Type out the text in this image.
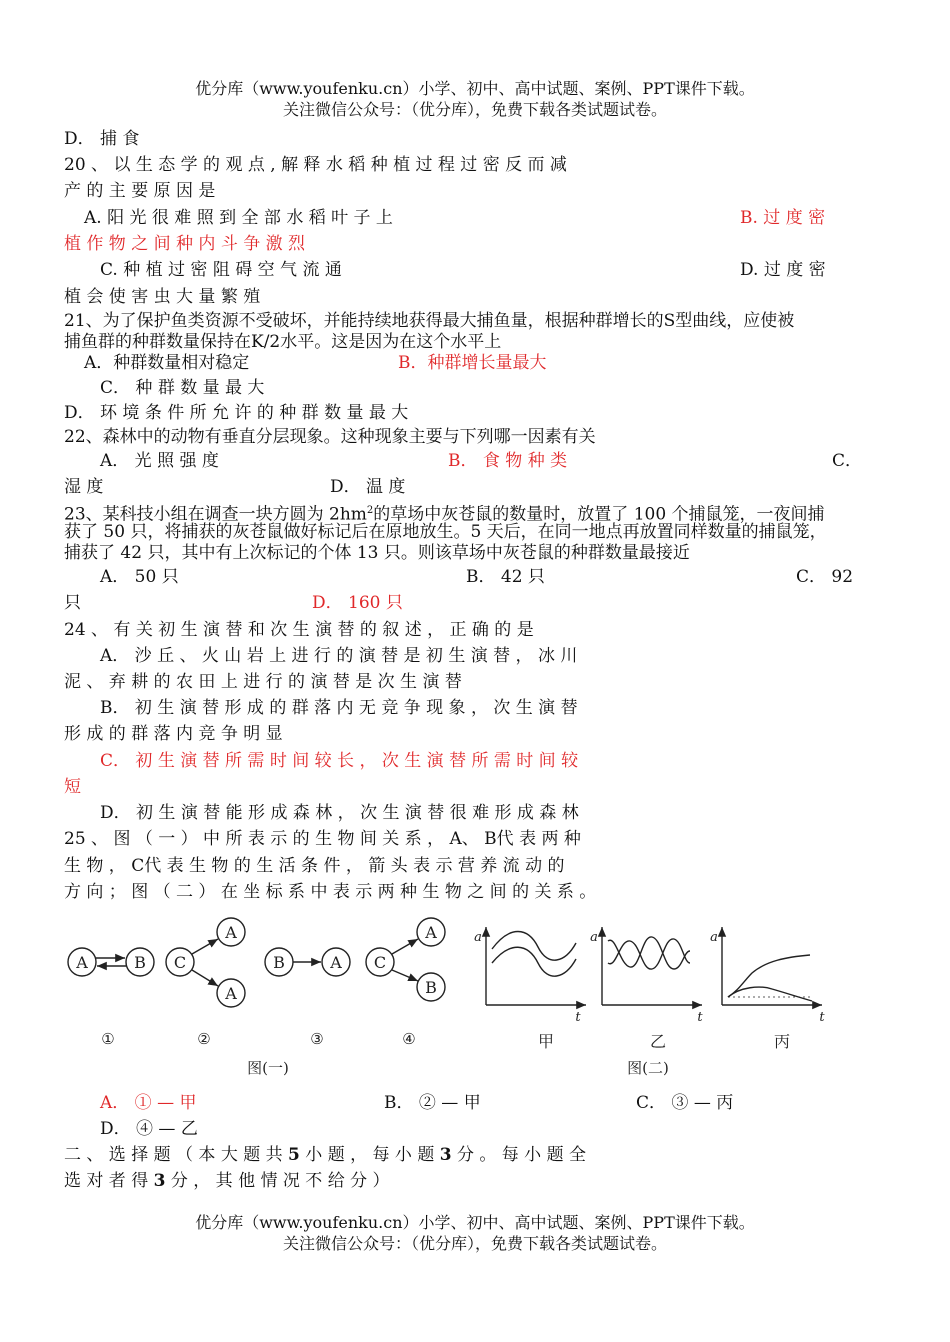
优分库（www.youfenku.cn）小学、初中、高中试题、案例、PPT课件下载。
关注微信公众号：（优分库），免费下载各类试题试卷。
D． 捕 食
20 、 以 生 态 学 的 观 点 , 解 释 水 稻 种 植 过 程 过 密 反 而 减
产 的 主 要 原 因 是
A. 阳 光 很 难 照 到 全 部 水 稻 叶 子 上	B. 过 度 密
植 作 物 之 间 种 内 斗 争 激 烈
C. 种 植 过 密 阻 碍 空 气 流 通	D. 过 度 密
植 会 使 害 虫 大 量 繁 殖
21、为了保护鱼类资源不受破坏，并能持续地获得最大捕鱼量，根据种群增长的S型曲线，应使被
捕鱼群的种群数量保持在K/2水平。这是因为在这个水平上
A．种群数量相对稳定	B．种群增长量最大
C． 种 群 数 量 最 大
D． 环 境 条 件 所 允 许 的 种 群 数 量 最 大
22、森林中的动物有垂直分层现象。这种现象主要与下列哪一因素有关
A． 光 照 强 度	B． 食 物 种 类	C．
湿 度	D． 温 度
23、某科技小组在调查一块方圆为 $2hm^2$的草场中灰苍鼠的数量时，放置了 100 个捕鼠笼，一夜间捕
获了 50 只，将捕获的灰苍鼠做好标记后在原地放生。5 天后，在同一地点再放置同样数量的捕鼠笼，
捕获了 42 只，其中有上次标记的个体 13 只。则该草场中灰苍鼠的种群数量最接近
A． 50 只	B． 42 只	C． 92
只	D． 160 只
24 、 有 关 初 生 演 替 和 次 生 演 替 的 叙 述 ， 正 确 的 是
A． 沙 丘 、 火 山 岩 上 进 行 的 演 替 是 初 生 演 替 ， 冰 川
泥 、 弃 耕 的 农 田 上 进 行 的 演 替 是 次 生 演 替
B． 初 生 演 替 形 成 的 群 落 内 无 竞 争 现 象 ， 次 生 演 替
形 成 的 群 落 内 竞 争 明 显
C． 初 生 演 替 所 需 时 间 较 长 ， 次 生 演 替 所 需 时 间 较
短
D． 初 生 演 替 能 形 成 森 林 ， 次 生 演 替 很 难 形 成 森 林
25 、 图 （ 一 ） 中 所 表 示 的 生 物 间 关 系 ， A、 B代 表 两 种
生 物 ， C代 表 生 物 的 生 活 条 件 ， 箭 头 表 示 营 养 流 动 的
方 向 ； 图 （ 二 ） 在 坐 标 系 中 表 示 两 种 生 物 之 间 的 关 系 。
A	B C
A
A
B	A C
A
B
①	②	③	④
图(一)
a
t
a
t
a
t
甲	乙	丙
图(二)
A． ① — 甲	B． ② — 甲	C． ③ — 丙
D． ④ — 乙
二 、 选 择 题 （ 本 大 题 共 5 小 题 ， 每 小 题 3 分 。 每 小 题 全
选 对 者 得 3 分 ， 其 他 情 况 不 给 分 ）
优分库（www.youfenku.cn）小学、初中、高中试题、案例、PPT课件下载。
关注微信公众号：（优分库），免费下载各类试题试卷。
